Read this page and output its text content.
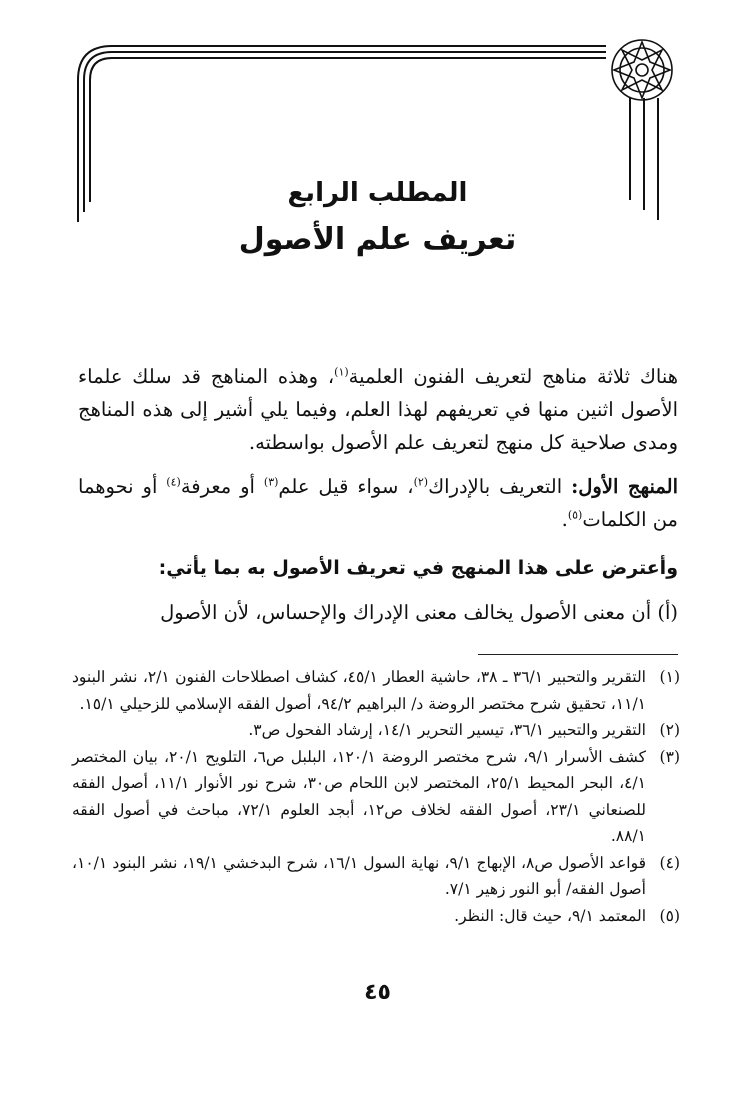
المطلب الرابع
تعريف علم الأصول

هناك ثلاثة مناهج لتعريف الفنون العلمية$^{(١)}$، وهذه المناهج قد سلك علماء الأصول اثنين منها في تعريفهم لهذا العلم، وفيما يلي أشير إلى هذه المناهج ومدى صلاحية كل منهج لتعريف علم الأصول بواسطته.

المنهج الأول: التعريف بالإدراك$^{(٢)}$، سواء قيل علم$^{(٣)}$ أو معرفة$^{(٤)}$ أو نحوهما من الكلمات$^{(٥)}$.

وأعترض على هذا المنهج في تعريف الأصول به بما يأتي:

(أ) أن معنى الأصول يخالف معنى الإدراك والإحساس، لأن الأصول

(١)
التقرير والتحبير ٣٦/١ ـ ٣٨، حاشية العطار ٤٥/١، كشاف اصطلاحات الفنون ٢/١، نشر البنود ١١/١، تحقيق شرح مختصر الروضة د/ البراهيم ٩٤/٢، أصول الفقه الإسلامي للزحيلي ١٥/١.
(٢)
التقرير والتحبير ٣٦/١، تيسير التحرير ١٤/١، إرشاد الفحول ص٣.
(٣)
كشف الأسرار ٩/١، شرح مختصر الروضة ١٢٠/١، البلبل ص٦، التلويح ٢٠/١، بيان المختصر ٤/١، البحر المحيط ٢٥/١، المختصر لابن اللحام ص٣٠، شرح نور الأنوار ١١/١، أصول الفقه للصنعاني ٢٣/١، أصول الفقه لخلاف ص١٢، أبجد العلوم ٧٢/١، مباحث في أصول الفقه ٨٨/١.
(٤)
قواعد الأصول ص٨، الإبهاج ٩/١، نهاية السول ١٦/١، شرح البدخشي ١٩/١، نشر البنود ١٠/١، أصول الفقه/ أبو النور زهير ٧/١.
(٥)
المعتمد ٩/١، حيث قال: النظر.
٤٥
